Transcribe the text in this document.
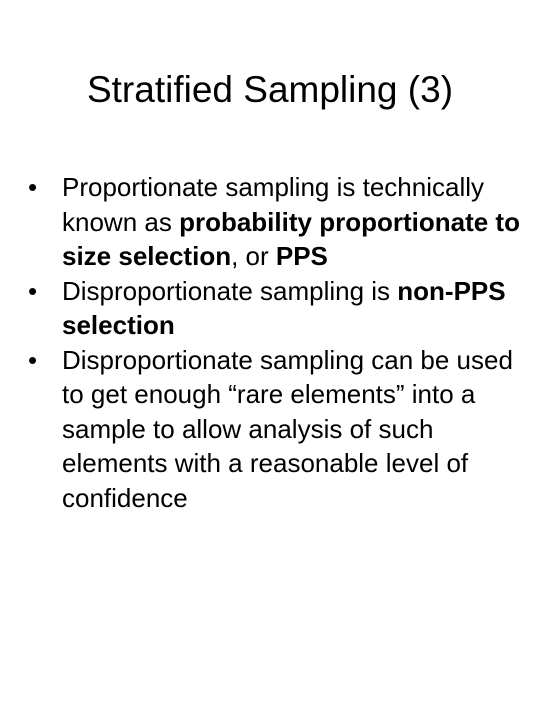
Stratified Sampling (3)
• Proportionate sampling is technically known as probability proportionate to size selection, or PPS
• Disproportionate sampling is non-PPS selection
• Disproportionate sampling can be used to get enough “rare elements” into a sample to allow analysis of such elements with a reasonable level of confidence
